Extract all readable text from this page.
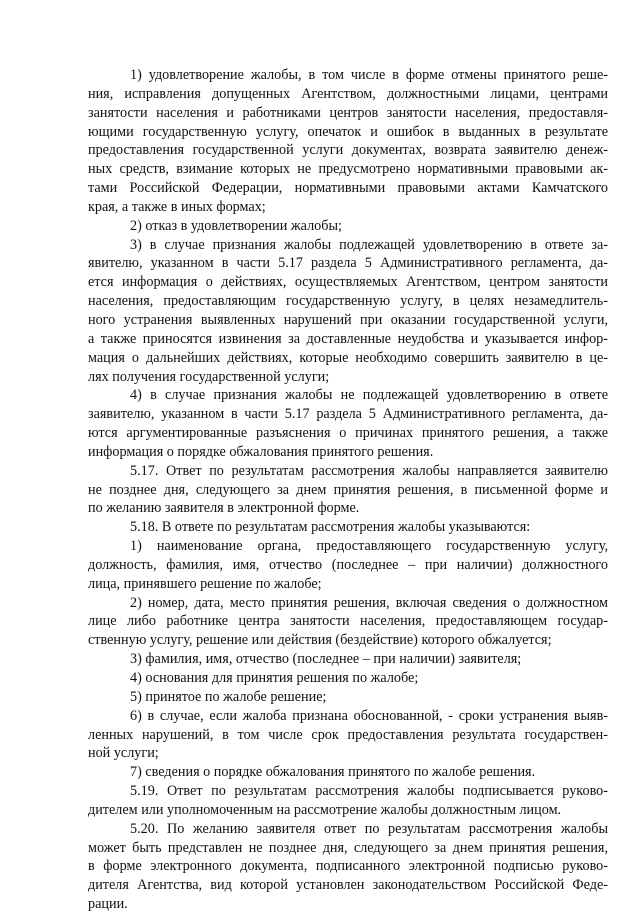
1) удовлетворение жалобы, в том числе в форме отмены принятого реше-
ния, исправления допущенных Агентством, должностными лицами, центрами
занятости населения и работниками центров занятости населения, предоставля-
ющими государственную услугу, опечаток и ошибок в выданных в результате
предоставления государственной услуги документах, возврата заявителю денеж-
ных средств, взимание которых не предусмотрено нормативными правовыми ак-
тами Российской Федерации, нормативными правовыми актами Камчатского
края, а также в иных формах;
2) отказ в удовлетворении жалобы;
3) в случае признания жалобы подлежащей удовлетворению в ответе за-
явителю, указанном в части 5.17 раздела 5 Административного регламента, да-
ется информация о действиях, осуществляемых Агентством, центром занятости
населения, предоставляющим государственную услугу, в целях незамедлитель-
ного устранения выявленных нарушений при оказании государственной услуги,
а также приносятся извинения за доставленные неудобства и указывается инфор-
мация о дальнейших действиях, которые необходимо совершить заявителю в це-
лях получения государственной услуги;
4) в случае признания жалобы не подлежащей удовлетворению в ответе
заявителю, указанном в части 5.17 раздела 5 Административного регламента, да-
ются аргументированные разъяснения о причинах принятого решения, а также
информация о порядке обжалования принятого решения.
5.17. Ответ по результатам рассмотрения жалобы направляется заявителю
не позднее дня, следующего за днем принятия решения, в письменной форме и
по желанию заявителя в электронной форме.
5.18. В ответе по результатам рассмотрения жалобы указываются:
1) наименование органа, предоставляющего государственную услугу,
должность, фамилия, имя, отчество (последнее – при наличии) должностного
лица, принявшего решение по жалобе;
2) номер, дата, место принятия решения, включая сведения о должностном
лице либо работнике центра занятости населения, предоставляющем государ-
ственную услугу, решение или действия (бездействие) которого обжалуется;
3) фамилия, имя, отчество (последнее – при наличии) заявителя;
4) основания для принятия решения по жалобе;
5) принятое по жалобе решение;
6) в случае, если жалоба признана обоснованной, - сроки устранения выяв-
ленных нарушений, в том числе срок предоставления результата государствен-
ной услуги;
7) сведения о порядке обжалования принятого по жалобе решения.
5.19. Ответ по результатам рассмотрения жалобы подписывается руково-
дителем или уполномоченным на рассмотрение жалобы должностным лицом.
5.20. По желанию заявителя ответ по результатам рассмотрения жалобы
может быть представлен не позднее дня, следующего за днем принятия решения,
в форме электронного документа, подписанного электронной подписью руково-
дителя Агентства, вид которой установлен законодательством Российской Феде-
рации.
